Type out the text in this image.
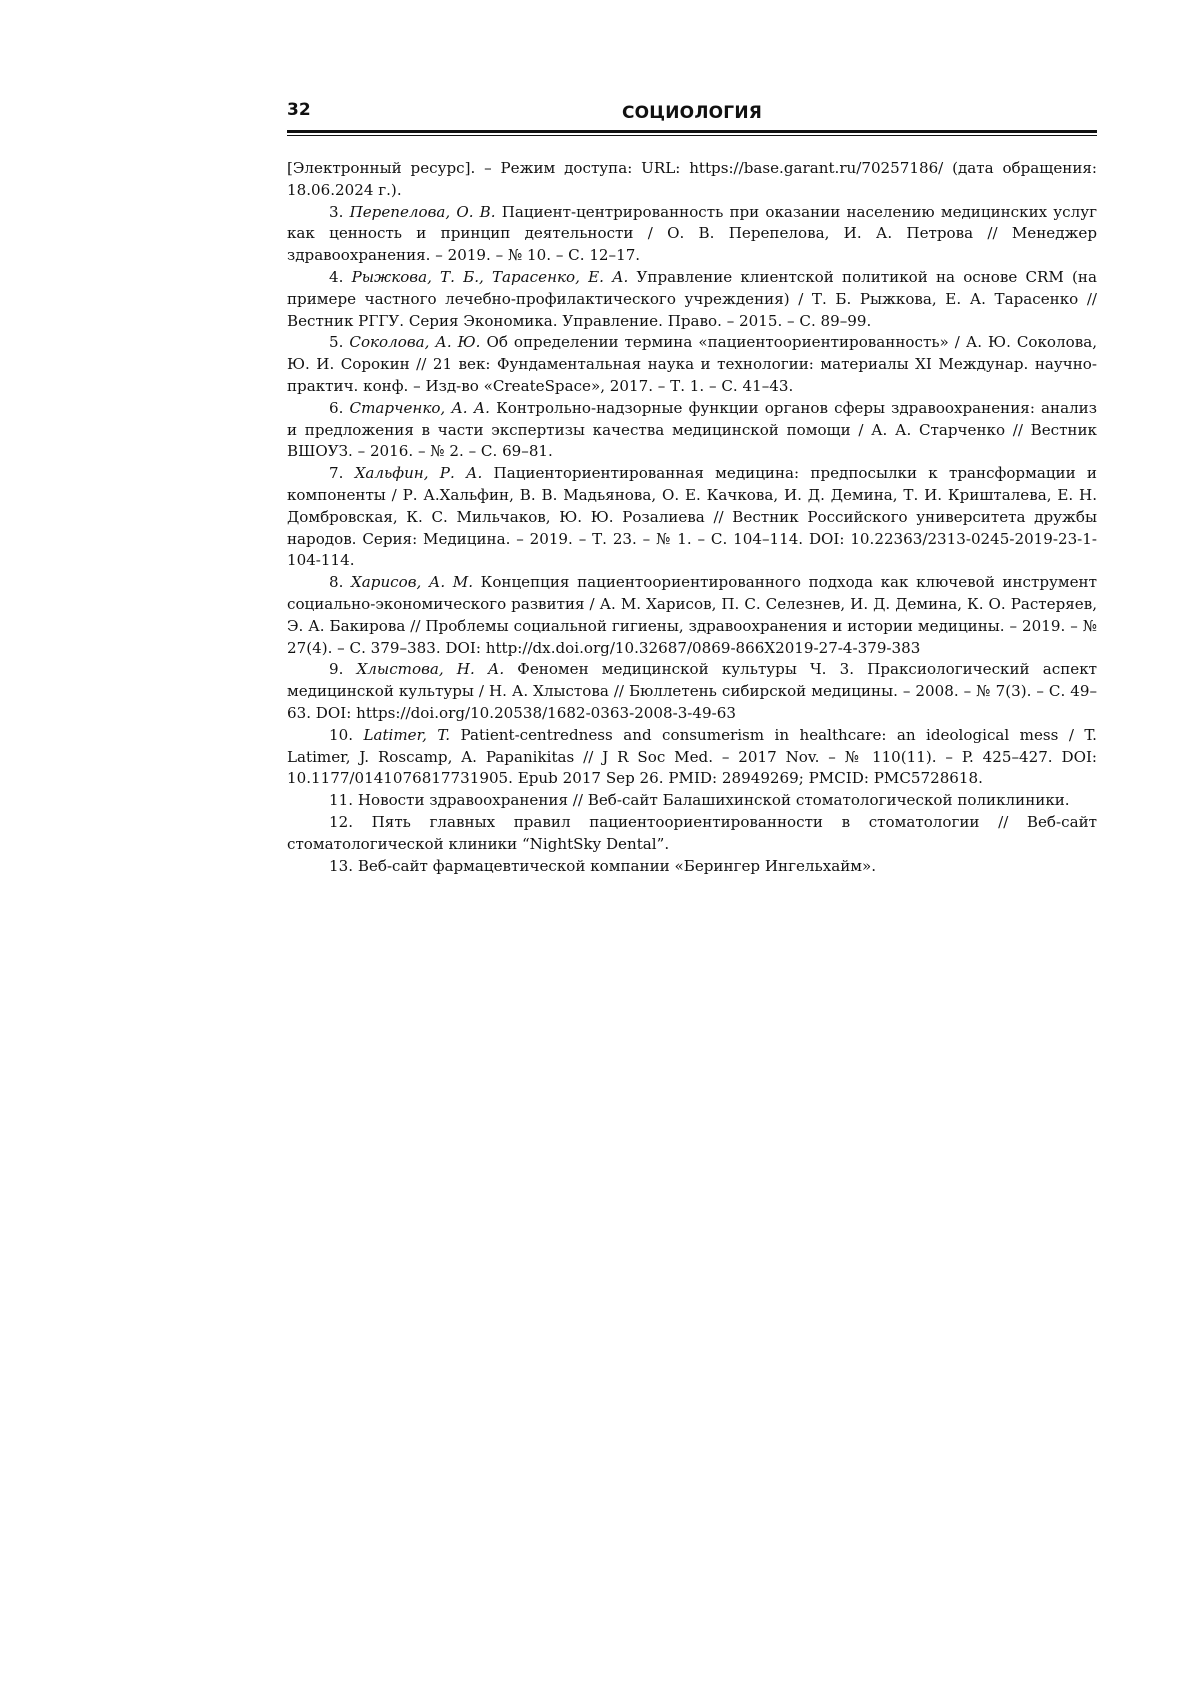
32	СОЦИОЛОГИЯ

[Электронный ресурс]. – Режим доступа: URL: https://base.garant.ru/70257186/ (дата обращения: 18.06.2024 г.).

3. Перепелова, О. В. Пациент-центрированность при оказании населению медицинских услуг как ценность и принцип деятельности / О. В. Перепелова, И. А. Петрова // Менеджер здравоохранения. – 2019. – № 10. – С. 12–17.

4. Рыжкова, Т. Б., Тарасенко, Е. А. Управление клиентской политикой на основе CRM (на примере частного лечебно-профилактического учреждения) / Т. Б. Рыжкова, Е. А. Тарасенко // Вестник РГГУ. Серия Экономика. Управление. Право. – 2015. – С. 89–99.

5. Соколова, А. Ю. Об определении термина «пациентоориентированность» / А. Ю. Соколова, Ю. И. Сорокин // 21 век: Фундаментальная наука и технологии: материалы XI Междунар. научно-практич. конф. – Изд-во «CreateSpace», 2017. – Т. 1. – С. 41–43.

6. Старченко, А. А. Контрольно-надзорные функции органов сферы здравоохранения: анализ и предложения в части экспертизы качества медицинской помощи / А. А. Старченко // Вестник ВШОУЗ. – 2016. – № 2. – С. 69–81.

7. Хальфин, Р. А. Пациенториентированная медицина: предпосылки к трансформации и компоненты / Р. А.Хальфин, В. В. Мадьянова, О. Е. Качкова, И. Д. Демина, Т. И. Кришталева, Е. Н. Домбровская, К. С. Мильчаков, Ю. Ю. Розалиева // Вестник Российского университета дружбы народов. Серия: Медицина. – 2019. – Т. 23. – № 1. – С. 104–114. DOI: 10.22363/2313-0245-2019-23-1-104-114.

8. Харисов, А. М. Концепция пациентоориентированного подхода как ключевой инструмент социально-экономического развития / А. М. Харисов, П. С. Селезнев, И. Д. Демина, К. О. Растеряев, Э. А. Бакирова // Проблемы социальной гигиены, здравоохранения и истории медицины. – 2019. – № 27(4). – С. 379–383. DOI: http://dx.doi.org/10.32687/0869-866X2019-27-4-379-383

9. Хлыстова, Н. А. Феномен медицинской культуры Ч. 3. Праксиологический аспект медицинской культуры / Н. А. Хлыстова // Бюллетень сибирской медицины. – 2008. – № 7(3). – С. 49–63. DOI: https://doi.org/10.20538/1682-0363-2008-3-49-63

10. Latimer, T. Patient-centredness and consumerism in healthcare: an ideological mess / T. Latimer, J. Roscamp, A. Papanikitas // J R Soc Med. – 2017 Nov. – № 110(11). – P. 425–427. DOI: 10.1177/0141076817731905. Epub 2017 Sep 26. PMID: 28949269; PMCID: PMC5728618.

11. Новости здравоохранения // Веб-сайт Балашихинской стоматологической поликлиники.

12. Пять главных правил пациентоориентированности в стоматологии // Веб-сайт стоматологической клиники “NightSky Dental”.

13. Веб-сайт фармацевтической компании «Берингер Ингельхайм».
